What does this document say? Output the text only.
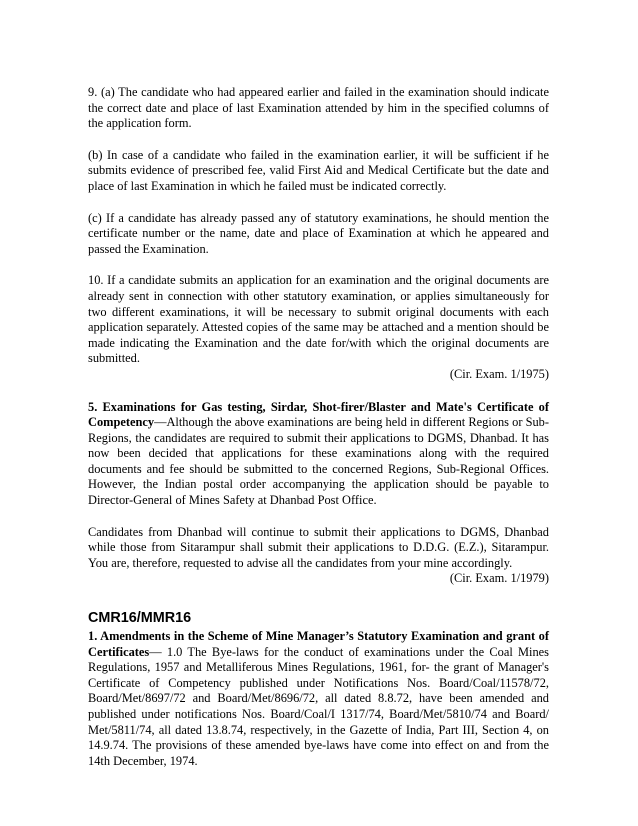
9. (a) The candidate who had appeared earlier and failed in the examination should indicate the correct date and place of last Examination attended by him in the specified columns of the application form.

(b) In case of a candidate who failed in the examination earlier, it will be sufficient if he submits evidence of prescribed fee, valid First Aid and Medical Certificate but the date and place of last Examination in which he failed must be indicated correctly.

(c) If a candidate has already passed any of statutory examinations, he should mention the certificate number or the name, date and place of Examination at which he appeared and passed the Examination.

10. If a candidate submits an application for an examination and the original documents are already sent in connection with other statutory examination, or applies simultaneously for two different examinations, it will be necessary to submit original documents with each application separately. Attested copies of the same may be attached and a mention should be made indicating the Examination and the date for/with which the original documents are submitted.

(Cir. Exam. 1/1975)

5. Examinations for Gas testing, Sirdar, Shot-firer/Blaster and Mate's Certificate of Competency—Although the above examinations are being held in different Regions or Sub-Regions, the candidates are required to submit their applications to DGMS, Dhanbad. It has now been decided that applications for these examinations along with the required documents and fee should be submitted to the concerned Regions, Sub-Regional Offices. However, the Indian postal order accompanying the application should be payable to Director-General of Mines Safety at Dhanbad Post Office.

Candidates from Dhanbad will continue to submit their applications to DGMS, Dhanbad while those from Sitarampur shall submit their applications to D.D.G. (E.Z.), Sitarampur. You are, therefore, requested to advise all the candidates from your mine accordingly.

(Cir. Exam. 1/1979)

CMR16/MMR16

1. Amendments in the Scheme of Mine Manager’s Statutory Examination and grant of Certificates— 1.0 The Bye-laws for the conduct of examinations under the Coal Mines Regulations, 1957 and Metalliferous Mines Regulations, 1961, for- the grant of Manager's Certificate of Competency published under Notifications Nos. Board/Coal/11578/72, Board/Met/8697/72 and Board/Met/8696/72, all dated 8.8.72, have been amended and published under notifications Nos. Board/Coal/I 1317/74, Board/Met/5810/74 and Board/ Met/5811/74, all dated 13.8.74, respectively, in the Gazette of India, Part III, Section 4, on 14.9.74. The provisions of these amended bye-laws have come into effect on and from the 14th December, 1974.
